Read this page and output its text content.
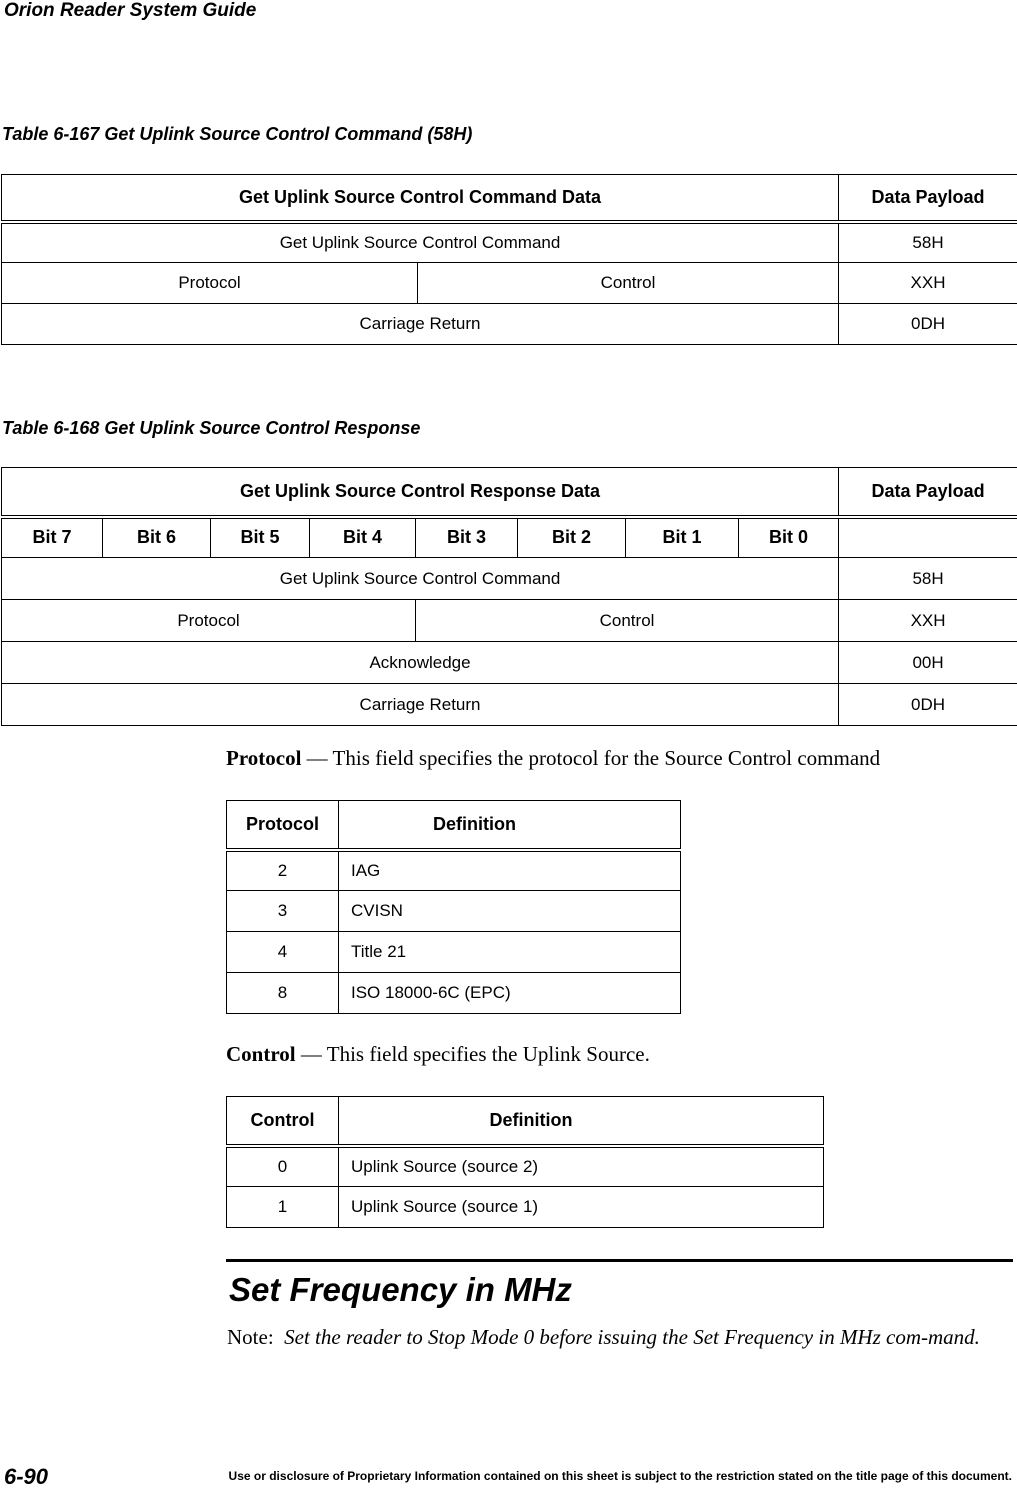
Orion Reader System Guide
Table 6-167 Get Uplink Source Control Command (58H)
Get Uplink Source Control Command Data		Data Payload
Get Uplink Source Control Command		58H
Protocol	Control	XXH
Carriage Return		0DH
Table 6-168 Get Uplink Source Control Response
Get Uplink Source Control Response Data								Data Payload
Bit 7	Bit 6	Bit 5	Bit 4	Bit 3	Bit 2	Bit 1	Bit 0	
Get Uplink Source Control Command								58H
Protocol				Control				XXH
Acknowledge								00H
Carriage Return								0DH
Protocol — This field specifies the protocol for the Source Control command
Protocol	Definition
2	IAG
3	CVISN
4	Title 21
8	ISO 18000-6C (EPC)
Control — This field specifies the Uplink Source.
Control	Definition
0	Uplink Source (source 2)
1	Uplink Source (source 1)
Set Frequency in MHz
Note: Set the reader to Stop Mode 0 before issuing the Set Frequency in MHz com-mand.
6-90	Use or disclosure of Proprietary Information contained on this sheet is subject to the restriction stated on the title page of this document.
